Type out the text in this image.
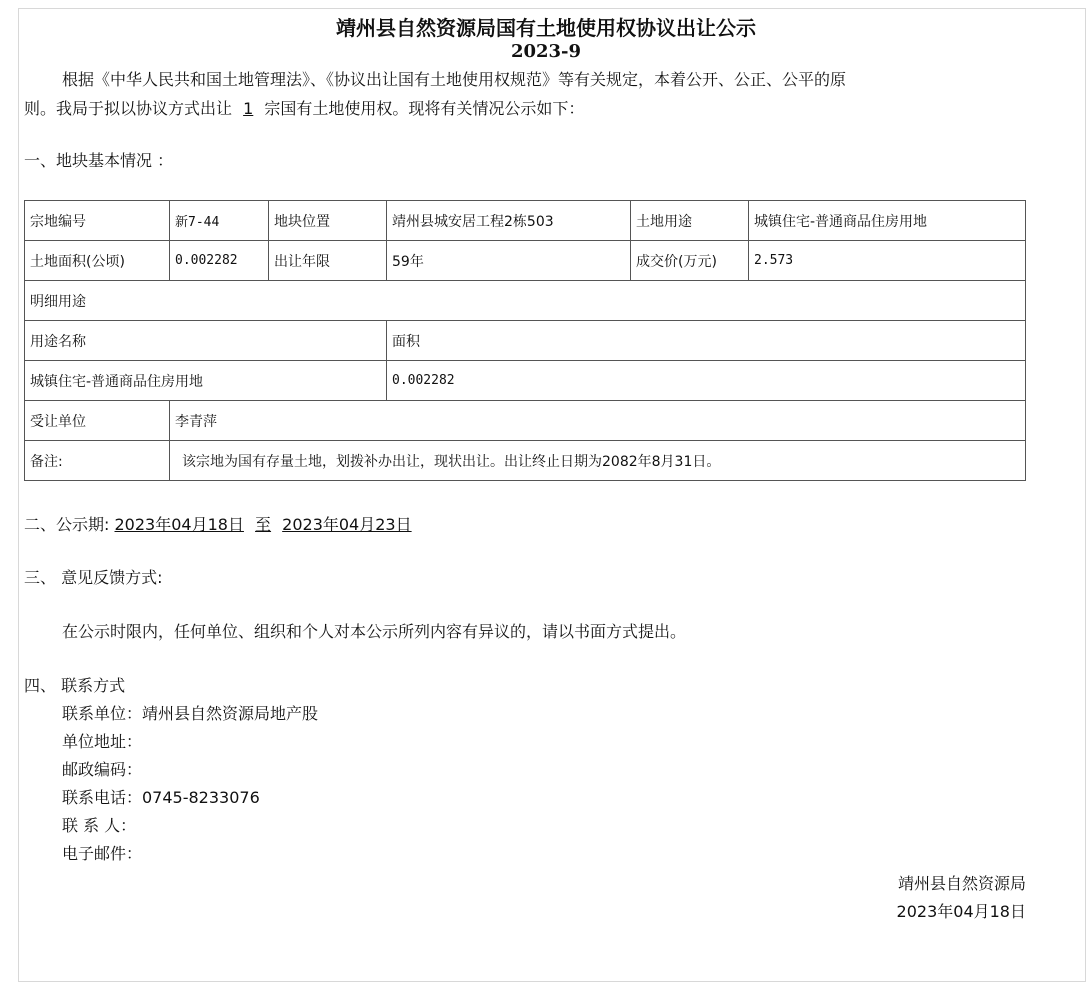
靖州县自然资源局国有土地使用权协议出让公示
2023-9
根据《中华人民共和国土地管理法》、《协议出让国有土地使用权规范》等有关规定，本着公开、公正、公平的原
则。我局于拟以协议方式出让 1 宗国有土地使用权。现将有关情况公示如下：
一、地块基本情况 ：
宗地编号	新7-44	地块位置	靖州县城安居工程2栋503	土地用途	城镇住宅-普通商品住房用地
土地面积(公顷)	0.002282	出让年限	59年	成交价(万元)	2.573
明细用途					
用途名称			面积		
城镇住宅-普通商品住房用地			0.002282		
受让单位	李青萍				
备注:	该宗地为国有存量土地，划拨补办出让，现状出让。出让终止日期为2082年8月31日。				
二、公示期: 2023年04月18日 至 2023年04月23日
三、 意见反馈方式:
在公示时限内，任何单位、组织和个人对本公示所列内容有异议的，请以书面方式提出。
四、 联系方式
联系单位：靖州县自然资源局地产股
单位地址：
邮政编码：
联系电话：0745-8233076
联 系 人：
电子邮件：
靖州县自然资源局
2023年04月18日
